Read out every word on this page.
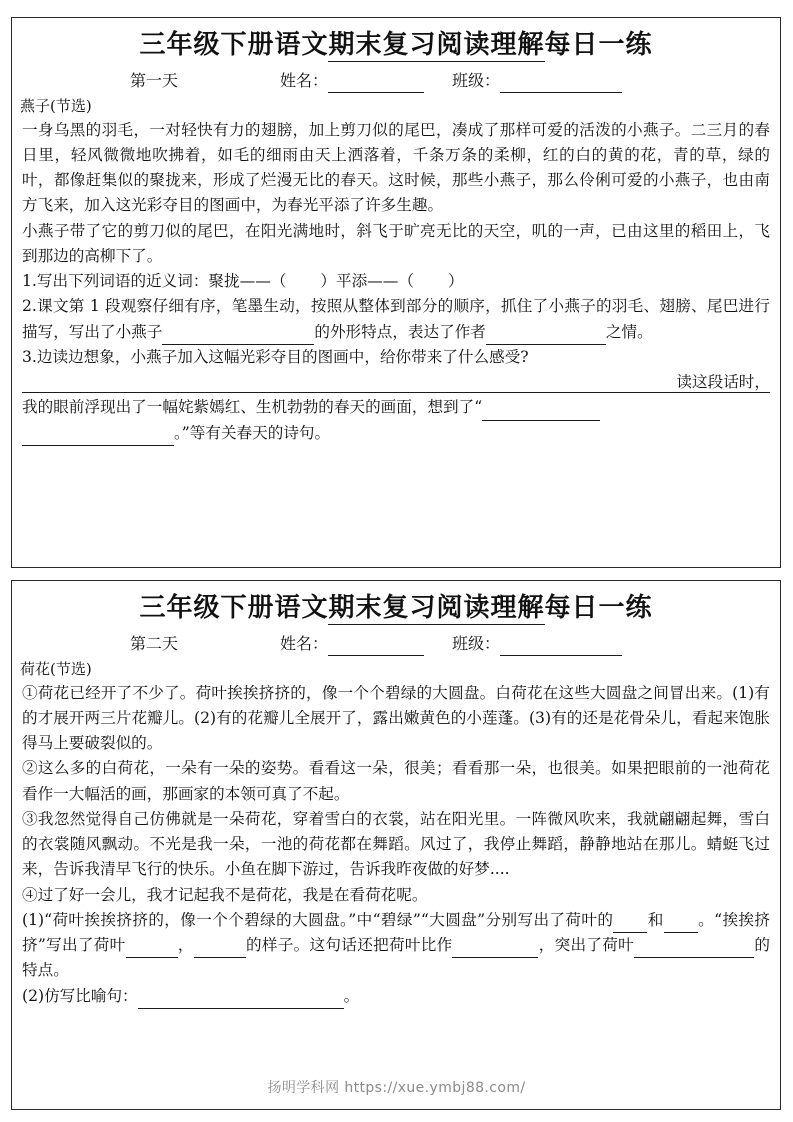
三年级下册语文期末复习阅读理解每日一练
第一天	姓名：	班级：
燕子(节选)

一身乌黑的羽毛，一对轻快有力的翅膀，加上剪刀似的尾巴，凑成了那样可爱的活泼的小燕子。二三月的春日里，轻风微微地吹拂着，如毛的细雨由天上洒落着，千条万条的柔柳，红的白的黄的花，青的草，绿的叶，都像赶集似的聚拢来，形成了烂漫无比的春天。这时候，那些小燕子，那么伶俐可爱的小燕子，也由南方飞来，加入这光彩夺目的图画中，为春光平添了许多生趣。

小燕子带了它的剪刀似的尾巴，在阳光满地时，斜飞于旷亮无比的天空，叽的一声，已由这里的稻田上，飞到那边的高柳下了。

1.写出下列词语的近义词：聚拢——（ ）平添——（ ）
2.课文第 1 段观察仔细有序，笔墨生动，按照从整体到部分的顺序，抓住了小燕子的羽毛、翅膀、尾巴进行描写，写出了小燕子	的外形特点，表达了作者	之情。
3.边读边想象，小燕子加入这幅光彩夺目的图画中，给你带来了什么感受?
读这段话时，
我的眼前浮现出了一幅姹紫嫣红、生机勃勃的春天的画面，想到了“
。”等有关春天的诗句。
三年级下册语文期末复习阅读理解每日一练
第二天	姓名：	班级：
荷花(节选)

①荷花已经开了不少了。荷叶挨挨挤挤的，像一个个碧绿的大圆盘。白荷花在这些大圆盘之间冒出来。(1)有的才展开两三片花瓣儿。(2)有的花瓣儿全展开了，露出嫩黄色的小莲蓬。(3)有的还是花骨朵儿，看起来饱胀得马上要破裂似的。

②这么多的白荷花，一朵有一朵的姿势。看看这一朵，很美；看看那一朵，也很美。如果把眼前的一池荷花看作一大幅活的画，那画家的本领可真了不起。

③我忽然觉得自己仿佛就是一朵荷花，穿着雪白的衣裳，站在阳光里。一阵微风吹来，我就翩翩起舞，雪白的衣裳随风飘动。不光是我一朵，一池的荷花都在舞蹈。风过了，我停止舞蹈，静静地站在那儿。蜻蜓飞过来，告诉我清早飞行的快乐。小鱼在脚下游过，告诉我昨夜做的好梦....

④过了好一会儿，我才记起我不是荷花，我是在看荷花呢。

(1)“荷叶挨挨挤挤的，像一个个碧绿的大圆盘。”中“碧绿”“大圆盘”分别写出了荷叶的 和 。“挨挨挤挤”写出了荷叶	，	的样子。这句话还把荷叶比作	，突出了荷叶	的特点。
(2)仿写比喻句：	。
扬明学科网 https://xue.ymbj88.com/
